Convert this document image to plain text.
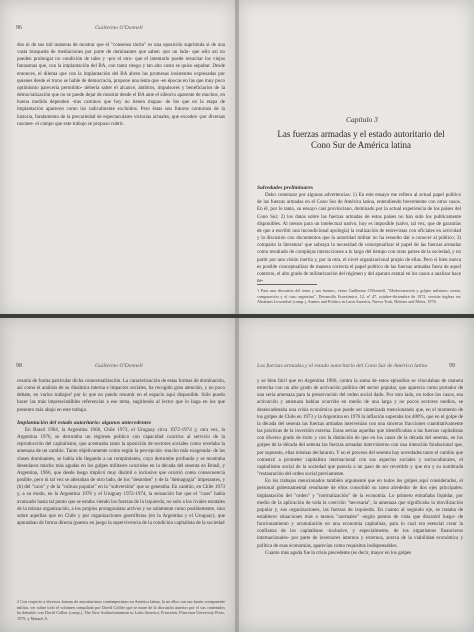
96	Guillermo O'Donnell

dos ni de sus mil maneras de mostrar que el "consenso tácito" es una oposición suprimida si de una vasta búsqueda de mediaciones por parte de dominantes que saben -por un lado- que sólo así no pueden prolongar no condición de tales y -por el otro- que el intentarlo puede resucitar los viejos fantasmas que, con la implantación del BA, con tanto riesgo y tan alto costo se quiso sepultar. Desde entonces, el dilema que con la implantación del BA abren las promesas insistentes expresadas por quienes desde el trono se hable de democracia, propone una lenta que -en épocas en las que muy poco optimismo parecería permitido- debería saber el alcance, ámbitos, impulsores y beneficiarios de la democratización que no se puede dejar de mostrar desde el BA ante el silencio aparente de muchos, en buena medida dependen -tras caminos que hoy no tienen mapas- de los que en la etapa de implantación aparecen como los radicalmente excluidos. Pero éstas son futuros contornos de la historia, fundamento de la precariedad de espectaculares victorias actuales, que exceden -por diversas razones- el campo que este trabajo se propuso cubrir.	Capítulo 3
Las fuerzas armadas y el estado autoritario del Cono Sur de América latina

Salvedades preliminares

Debo comenzar por algunas advertencias: 1) En este ensayo me refiero al actual papel político de las fuerzas armadas en el Cono Sur de América latina, entendiendo brevemente con otros casos. En él, por lo tanto, su ensayo casi provinciano, dominado por la actual experiencia de los países del Cono Sur; 2) los datos sobre las fuerzas armadas de estos países no han sido los publicamente disponibles. Al menos para un intelectual nativo, hoy es imposible (salvo, tal vez, que de garantías de que a escribir una incondicional apología) la realización de entrevistas con oficiales en actividad y la discusión con documentos que la autoridad militar no ha resuelto dar a conocer al público; 3) comparto la literatura¹ que subraya la necesidad de conceptualizar el papel de las fuerzas armadas como resultado de complejas interacciones a lo largo del tiempo con otras partes de la sociedad, y no partir por una visión inertia y, por la otra, el nivel organizacional propio de ellas. Pero si bien nunca es posible conceptualizar de manera correcta el papel político de las fuerzas armadas fuera de aquel contexto, el alto grado de militarización del régimen y del aparato estatal en los casos a analizar hace ne-

1 Para una discusión del tema y sus fuentes, véase Guillermo O'Donnell, "Modernización y golpes militares: teoría, comparación y el caso argentino", Desarrollo Económico, 12, nº 47, octubre-diciembre de 1972, versión inglesa en: Abraham Lowenthal (comp.), Armies and Politics in Latin America, Nueva York, Holmes and Meier, 1976.
98	Guillermo O'Donnell

cesaria de forma particular dicha contextualización. La caracterización de estas formas de dominación, así como el análisis de su dinámica interna e impactos sociales, ha recogido gran atención, y no poco debate, en varios trabajos¹ por lo que no puedo resumir en el espacio aquí disponible. Sólo puedo hacer las más imprescindibles referencias a ese tema, sugiriendo al lector que lo haga en los que presento más abajo en este trabajo.

Implantación del estado autoritario: algunos antecedentes

En Brasil 1964, la Argentina 1966, Chile 1973, el Uruguay circa 1972-1974 y, otra vez, la Argentina 1976, se derrumba un régimen político con capacidad coactiva al servicio de la reproducción del capitalismo, que acentuaba tanto la oposición de sectores sociales como revelaba la amenaza de un cambio. Tanto objetivamente como según la percepción -mucho más exagerada- de las clases dominantes, se había ido llegando a un rompimiento, cuyo derrumbe profundo y se mostraba desenlaces mucho más agudas en los golpes militares ocurridos en la década del sesenta en Brasil, y Argentina, 1966, que desde luego implicó muy disímil e inclusive que ocurrió como consecuencia posible, pero ni tal vez se alteraban de otro lado, de los "desorden" y de la "demagogia" imperantes, y (b) del "caos" y de la "cultura popular" en la "subversión" que se generaba. En cambio, en Chile 1973 y, a su modo, en la Argentina 1976 y el Uruguay 1972-1974, la sensación fue que el "caos" había avanzado hasta tal punto que se estaba viendo los fuerzas de la izquierda, no solo a los rivales estatales de la misma organización, a los propios protagonistas activos y no solamente como posiblemente, sino sobre aquellas que en Chile y por organizaciones guerrilleras (en la Argentina y el Uruguay), que apuntaban de forma directa (puesto en juego la supervivencia de la condición capitalista de la sociedad

2 Con respecto a diversos formas de autoritarismo contemporáneo en América latina, la no ellos con tan fuerte componente militar, ver sobre todo el volumen compilado por David Collier que se nutre de la discusión anterior por el sus contenidos ha debatido con David Collier (comp.), The New Authoritarianism in Latin America, Princeton, Princeton University Press, 1979, y Manuel A.
Las fuerzas armadas y el estado autoritario del Cono Sur de América latina	99

y se bien fácil que en Argentina 1966, contra la suma de estos episodios se vinculaban de manera estrecha con un alto grado de activación política del sector popular, que aparecía como portador de una seria amenaza para la preservación del orden social dado. Por otro lado, en todos los casos, esa activación y amenaza habían ocurrido en medio de una larga y no pocos sectores medios, se desencadenaba una crisis económica que puede ser sintetizada mencionando que, en el momento de los golpes de Chile en 1973 y la Argentina en 1976 la inflación superaba los 400%, que en el golpe de la década del sesenta las fuerzas armadas intervenían con una sinceras fracciones cuantitativamente las prácticas de la inversión externa. Estas serían aquellas que identificaban a las fuerzas capitalistas con diverso grado de éxito y con la distinción de que en los casos de la década del sesenta, en los golpes de la década del setenta las fuerzas armadas intervinieron con una intención fundacional que, por supuesto, ellas mismas declararon. Y en el proceso del sesenta hay novedades tanto el cambio que comenzó a prometer capitalista internacional con sus aspectos sociales y socioculturales, el capitalismo social de la sociedad que parecía a un paso de ser revertido y que era y su nombrada "restauración del orden social previamente.

En los trabajos mencionados también argumenté que en todos los golpes aquí considerados, el personal gubernamental resultante de ellos consolidó su tarea alrededor de dos ejes principales: implantación del "orden" y "normalización" de la economía. Lo primero entrañaba liquidar, por medio de la aplicación de toda la coerción "necesaria", la amenaza que significaba la movilización popular y, sus organizaciones, las fuerzas de izquierda. En cuanto al segundo eje, se trataba de establecer situaciones más o menos "normales" -según puntos de vista que discutiré luego- de funcionamiento y acumulación en una economía capitalista, para lo cual era esencial crear la confianza de los capitalistas -inclusive, y especialmente, de los organismos financieros internacionales- por parte de inversores internos y externos, acerca de la viabilidad económica y política de esas economías, aparecían como requisitos indispensables.

Cuanto más aguda fue la crisis precedente (es decir, mayor en los golpes
